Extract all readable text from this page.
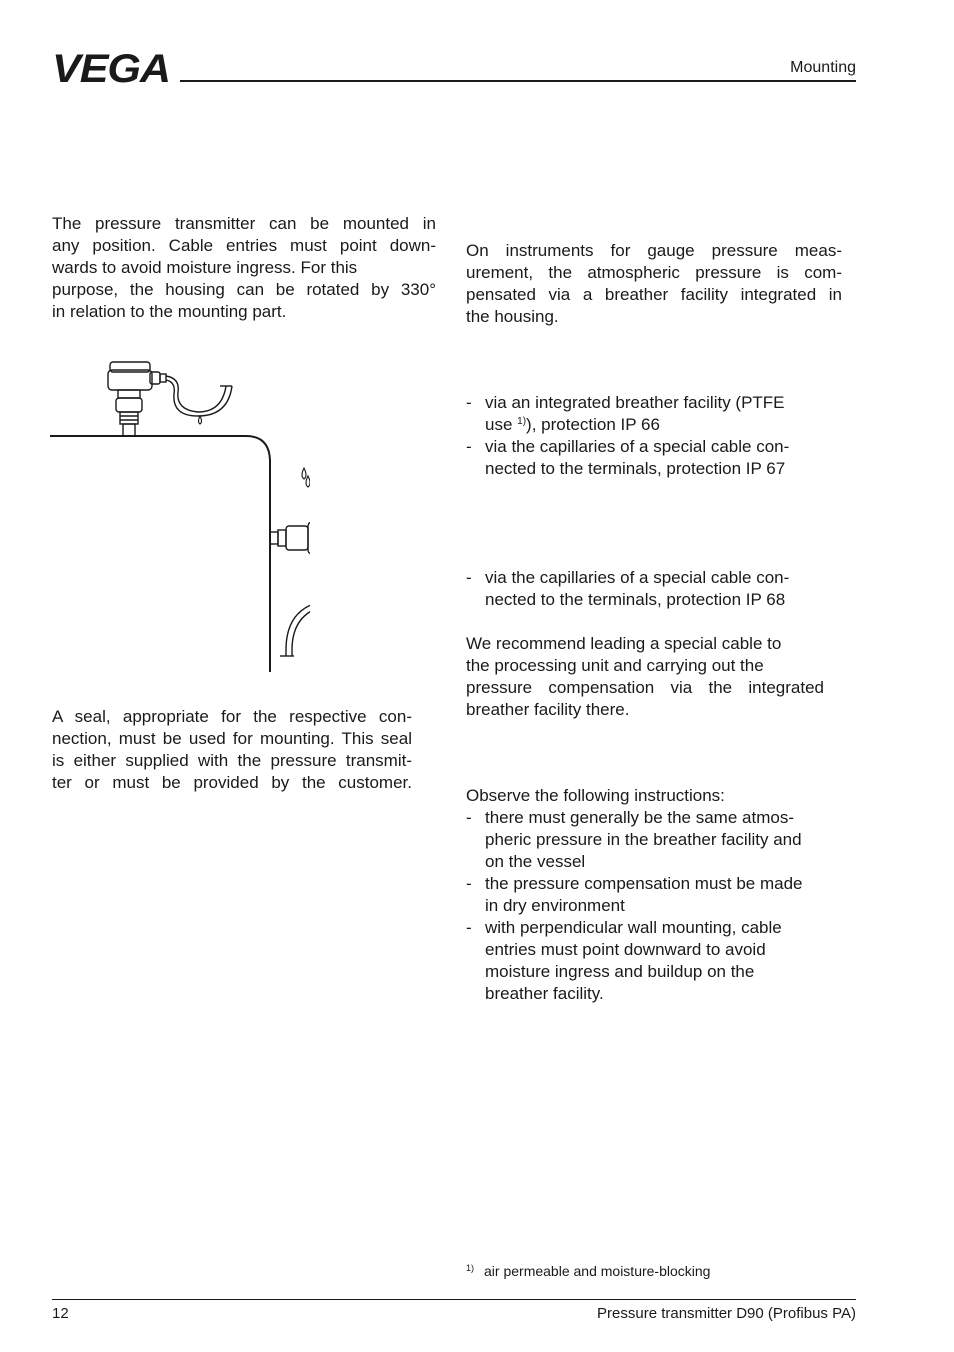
VEGA	Mounting
The pressure transmitter can be mounted in
any position. Cable entries must point down-
wards to avoid moisture ingress. For this
purpose, the housing can be rotated by 330°
in relation to the mounting part.
A seal, appropriate for the respective con-
nection, must be used for mounting. This seal
is either supplied with the pressure transmit-
ter or must be provided by the customer.
On instruments for gauge pressure meas-
urement, the atmospheric pressure is com-
pensated via a breather facility integrated in
the housing.
- via an integrated breather facility (PTFE
use $^{1)}$), protection IP 66
- via the capillaries of a special cable con-
nected to the terminals, protection IP 67
- via the capillaries of a special cable con-
nected to the terminals, protection IP 68
We recommend leading a special cable to
the processing unit and carrying out the
pressure compensation via the integrated
breather facility there.
Observe the following instructions:
- there must generally be the same atmos-
pheric pressure in the breather facility and
on the vessel
- the pressure compensation must be made
in dry environment
- with perpendicular wall mounting, cable
entries must point downward to avoid
moisture ingress and buildup on the
breather facility.
$^{1)}$ air permeable and moisture-blocking
12	Pressure transmitter D90 (Profibus PA)
